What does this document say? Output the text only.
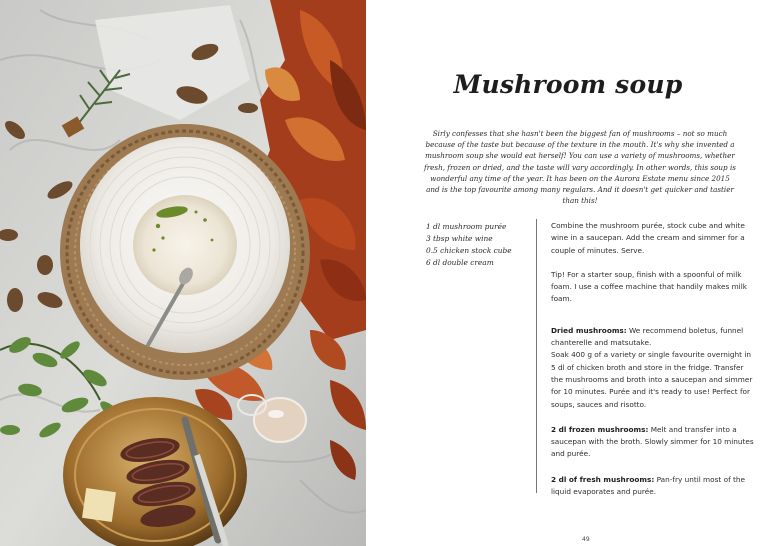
Mushroom soup

Sirly confesses that she hasn't been the biggest fan of mushrooms – not so much because of the taste but because of the texture in the mouth. It's why she invented a mushroom soup she would eat herself! You can use a variety of mushrooms, whether fresh, frozen or dried, and the taste will vary accordingly. In other words, this soup is wonderful any time of the year. It has been on the Aurora Estate menu since 2015 and is the top favourite among many regulars. And it doesn't get quicker and tastier than this!

1 dl mushroom purée
3 tbsp white wine
0.5 chicken stock cube
6 dl double cream

Combine the mushroom purée, stock cube and white wine in a saucepan. Add the cream and simmer for a couple of minutes. Serve.

Tip! For a starter soup, finish with a spoonful of milk foam. I use a coffee machine that handily makes milk foam.

Dried mushrooms: We recommend boletus, funnel chanterelle and matsutake.

Soak 400 g of a variety or single favourite overnight in 5 dl of chicken broth and store in the fridge. Transfer the mushrooms and broth into a saucepan and simmer for 10 minutes. Purée and it's ready to use! Perfect for soups, sauces and risotto.

2 dl frozen mushrooms: Melt and transfer into a saucepan with the broth. Slowly simmer for 10 minutes and purée.

2 dl of fresh mushrooms: Pan-fry until most of the liquid evaporates and purée.

49
